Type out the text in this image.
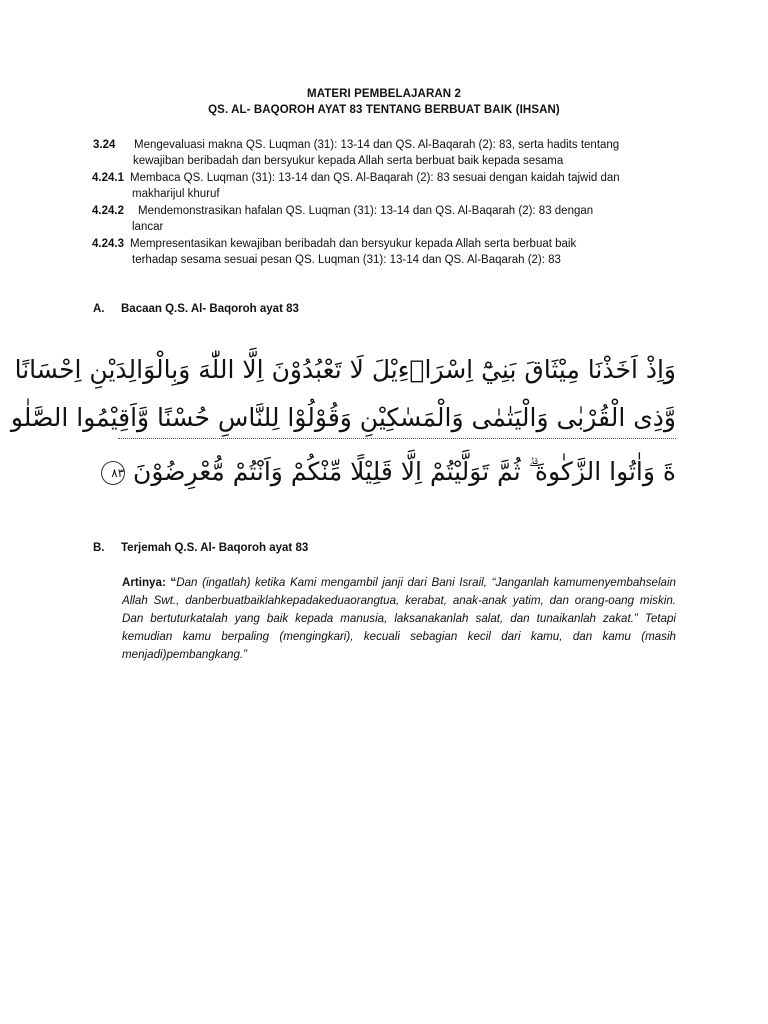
MATERI PEMBELAJARAN 2
QS. AL- BAQOROH AYAT 83 TENTANG BERBUAT BAIK (IHSAN)
3.24 Mengevaluasi makna QS. Luqman (31): 13-14 dan QS. Al-Baqarah (2): 83, serta hadits tentang
kewajiban beribadah dan bersyukur kepada Allah serta berbuat baik kepada sesama
4.24.1 Membaca QS. Luqman (31): 13-14 dan QS. Al-Baqarah (2): 83 sesuai dengan kaidah tajwid dan
makharijul khuruf
4.24.2 Mendemonstrasikan hafalan QS. Luqman (31): 13-14 dan QS. Al-Baqarah (2): 83 dengan
lancar
4.24.3 Mempresentasikan kewajiban beribadah dan bersyukur kepada Allah serta berbuat baik
terhadap sesama sesuai pesan QS. Luqman (31): 13-14 dan QS. Al-Baqarah (2): 83
A. Bacaan Q.S. Al- Baqoroh ayat 83
وَاِذْ اَخَذْنَا مِيْثَاقَ بَنِيْٓ اِسْرَاۤءِيْلَ لَا تَعْبُدُوْنَ اِلَّا اللّٰهَ وَبِالْوَالِدَيْنِ اِحْسَانًا
وَّذِى الْقُرْبٰى وَالْيَتٰمٰى وَالْمَسٰكِيْنِ وَقُوْلُوْا لِلنَّاسِ حُسْنًا وَّاَقِيْمُوا الصَّلٰو
ةَ وَاٰتُوا الزَّكٰوةَ ۗ ثُمَّ تَوَلَّيْتُمْ اِلَّا قَلِيْلًا مِّنْكُمْ وَاَنْتُمْ مُّعْرِضُوْنَ ٨٣
B. Terjemah Q.S. Al- Baqoroh ayat 83
Artinya: “Dan (ingatlah) ketika Kami mengambil janji dari Bani Israil, “Janganlah kamumenyembahselain Allah Swt., danberbuatbaiklahkepadakeduaorangtua, kerabat, anak-anak yatim, dan orang-oang miskin. Dan bertuturkatalah yang baik kepada manusia, laksanakanlah salat, dan tunaikanlah zakat.” Tetapi kemudian kamu berpaling (mengingkari), kecuali sebagian kecil dari kamu, dan kamu (masih menjadi)pembangkang.”
